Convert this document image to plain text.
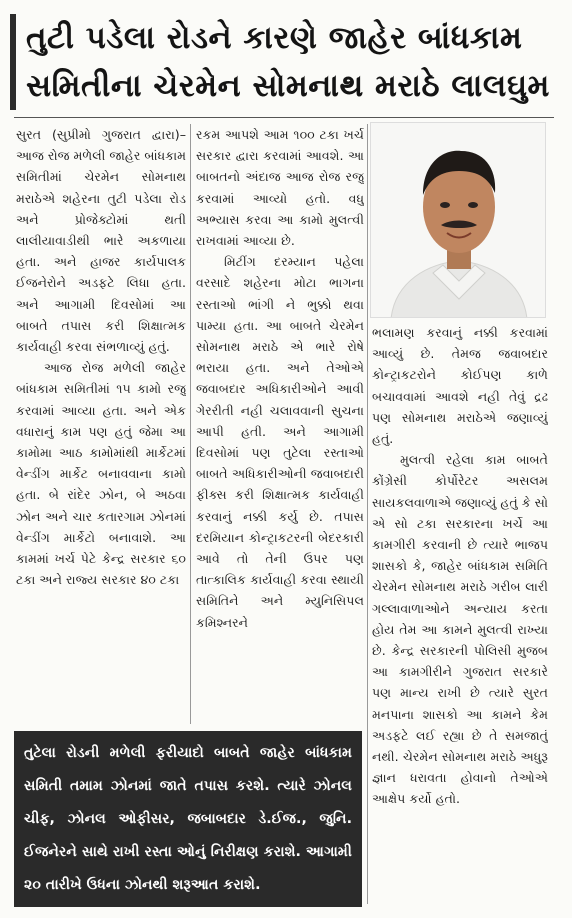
તુટી પડેલા રોડને કારણે જાહેર બાંધકામ
સમિતીના ચેરમેન સોમનાથ મરાઠે લાલઘુમ

સુરત (સુપ્રીમો ગુજરાત દ્વારા)– આજ રોજ મળેલી જાહેર બાંધકામ સમિતીમાં ચેરમેન સોમનાથ મરાઠેએ શહેરના તુટી પડેલા રોડ અને પ્રોજેક્ટોમાં થતી લાલીયાવાડીથી ભારે અકળાયા હતા. અને હાજર કાર્યપાલક ઈજનેરોને અડફટે લિધા હતા. અને આગામી દિવસોમાં આ બાબતે તપાસ કરી શિક્ષાત્મક કાર્યવાહી કરવા સંભળાવ્યું હતું.

આજ રોજ મળેલી જાહેર બાંધકામ સમિતીમાં ૧૫ કામો રજુ કરવામાં આવ્યા હતા. અને એક વધારાનું કામ પણ હતું જેમા આ કામોમા આઠ કામોમાંથી માર્કેટમાં વેન્ડીંગ માર્કેટ બનાવવાના કામો હતા. બે રાંદેર ઝોન, બે અઠવા ઝોન અને ચાર કતારગામ ઝોનમાં વેન્ડીંગ માર્કેટો બનાવાશે. આ કામમાં ખર્ચ પેટે કેન્દ્ર સરકાર ૬૦ ટકા અને રાજ્ય સરકાર ૪૦ ટકા

રકમ આપશે આમ ૧૦૦ ટકા ખર્ચ સરકાર દ્વારા કરવામાં આવશે. આ બાબતનો અંદાજ આજ રોજ રજુ કરવામાં આવ્યો હતો. વધુ અભ્યાસ કરવા આ કામો મુલત્વી રાખવામાં આવ્યા છે.

મિટીંગ દરમ્યાન પહેલા વરસાદે શહેરના મોટા ભાગના રસ્તાઓ ભાંગી ને ભુક્કો થવા પામ્યા હતા. આ બાબતે ચેરમેન સોમનાથ મરાઠે એ ભારે રોષે ભરાયા હતા. અને તેઓએ જવાબદાર અધિકારીઓને આવી ગેરરીતી નહી ચલાવવાની સુચના આપી હતી. અને આગામી દિવસોમાં પણ તુટેલા રસ્તાઓ બાબતે અધિકારીઓની જવાબદારી ફીક્સ કરી શિક્ષાત્મક કાર્યવાહી કરવાનું નક્કી કર્યુ છે. તપાસ દરમિયાન કોન્ટ્રાકટરની બેદરકારી આવે તો તેની ઉપર પણ તાત્કાલિક કાર્યવાહી કરવા સ્થાયી સમિતિને અને મ્યુનિસિપલ કમિશ્નરને

ભલામણ કરવાનું નક્કી કરવામાં આવ્યું છે. તેમજ જવાબદાર કોન્ટ્રાકટરોને કોઈપણ કાળે બચાવવામાં આવશે નહી તેવું દ્રઢ પણ સોમનાથ મરાઠેએ જણાવ્યું હતું.

મુલત્વી રહેલા કામ બાબતે કોંગ્રેસી કોર્પોરેટર અસલમ સાયકલવાળાએ જણાવ્યું હતું કે સો એ સો ટકા સરકારના ખર્ચે આ કામગીરી કરવાની છે ત્યારે ભાજપ શાસકો કે, જાહેર બાંધકામ સમિતિ ચેરમેન સોમનાથ મરાઠે ગરીબ લારી ગલ્લાવાળાઓને અન્યાય કરતા હોય તેમ આ કામને મુલત્વી રાખ્યા છે. કેન્દ્ર સરકારની પોલિસી મુજબ આ કામગીરીને ગુજરાત સરકારે પણ માન્ય રાખી છે ત્યારે સુરત મનપાના શાસકો આ કામને કેમ અડફટે લઈ રહ્યા છે તે સમજાતું નથી. ચેરમેન સોમનાથ મરાઠે અધુરૂ જ્ઞાન ધરાવતા હોવાનો તેઓએ આક્ષેપ કર્યો હતો.

તુટેલા રોડની મળેલી ફરીયાદો બાબતે જાહેર બાંધકામ સમિતી તમામ ઝોનમાં જાતે તપાસ કરશે. ત્યારે ઝોનલ ચીફ, ઝોનલ ઓફીસર, જબાબદાર ડે.ઈજ., જુનિ. ઈજનેરને સાથે રાખી રસ્તા ઓનું નિરીક્ષણ કરાશે. આગામી ૨૦ તારીખે ઉધના ઝોનથી શરૂઆત કરાશે.
